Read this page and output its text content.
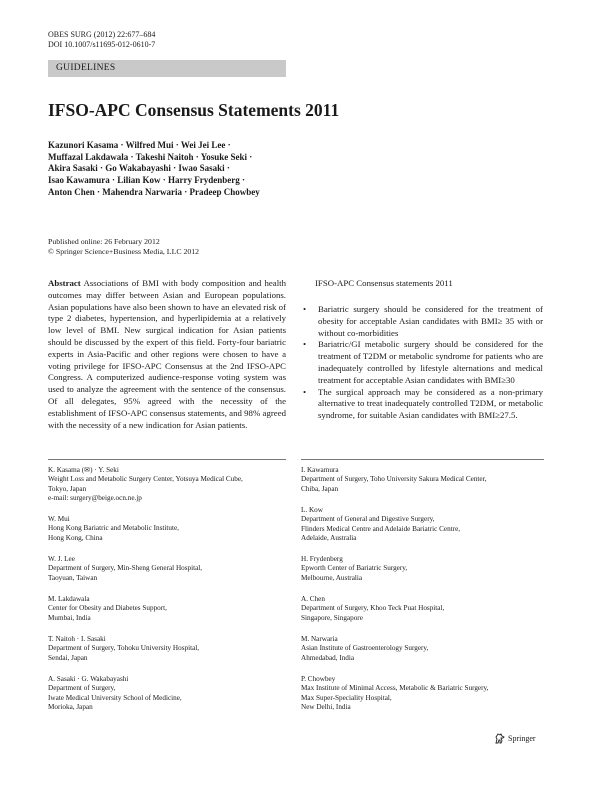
OBES SURG (2012) 22:677–684
DOI 10.1007/s11695-012-0610-7
GUIDELINES
IFSO-APC Consensus Statements 2011
Kazunori Kasama · Wilfred Mui · Wei Jei Lee ·
Muffazal Lakdawala · Takeshi Naitoh · Yosuke Seki ·
Akira Sasaki · Go Wakabayashi · Iwao Sasaki ·
Isao Kawamura · Lilian Kow · Harry Frydenberg ·
Anton Chen · Mahendra Narwaria · Pradeep Chowbey
Published online: 26 February 2012
© Springer Science+Business Media, LLC 2012
Abstract Associations of BMI with body composition and health outcomes may differ between Asian and European populations. Asian populations have also been shown to have an elevated risk of type 2 diabetes, hypertension, and hyperlipidemia at a relatively low level of BMI. New surgical indication for Asian patients should be discussed by the expert of this field. Forty-four bariatric experts in Asia-Pacific and other regions were chosen to have a voting privilege for IFSO-APC Consensus at the 2nd IFSO-APC Congress. A computerized audience-response voting system was used to analyze the agreement with the sentence of the consensus. Of all delegates, 95% agreed with the necessity of the establishment of IFSO-APC consensus statements, and 98% agreed with the necessity of a new indication for Asian patients.
IFSO-APC Consensus statements 2011

• Bariatric surgery should be considered for the treatment of obesity for acceptable Asian candidates with BMI≥ 35 with or without co-morbidities

• Bariatric/GI metabolic surgery should be considered for the treatment of T2DM or metabolic syndrome for patients who are inadequately controlled by lifestyle alternations and medical treatment for acceptable Asian candidates with BMI≥30

• The surgical approach may be considered as a non-primary alternative to treat inadequately controlled T2DM, or metabolic syndrome, for suitable Asian candidates with BMI≥27.5.

K. Kasama (✉) · Y. Seki
Weight Loss and Metabolic Surgery Center, Yotsuya Medical Cube,
Tokyo, Japan
e-mail: surgery@beige.ocn.ne.jp
W. Mui
Hong Kong Bariatric and Metabolic Institute,
Hong Kong, China
W. J. Lee
Department of Surgery, Min-Sheng General Hospital,
Taoyuan, Taiwan
M. Lakdawala
Center for Obesity and Diabetes Support,
Mumbai, India
T. Naitoh · I. Sasaki
Department of Surgery, Tohoku University Hospital,
Sendai, Japan
A. Sasaki · G. Wakabayashi
Department of Surgery,
Iwate Medical University School of Medicine,
Morioka, Japan
I. Kawamura
Department of Surgery, Toho University Sakura Medical Center,
Chiba, Japan
L. Kow
Department of General and Digestive Surgery,
Flinders Medical Centre and Adelaide Bariatric Centre,
Adelaide, Australia
H. Frydenberg
Epworth Center of Bariatric Surgery,
Melbourne, Australia
A. Chen
Department of Surgery, Khoo Teck Puat Hospital,
Singapore, Singapore
M. Narwaria
Asian Institute of Gastroenterology Surgery,
Ahmedabad, India
P. Chowbey
Max Institute of Minimal Access, Metabolic & Bariatric Surgery,
Max Super-Speciality Hospital,
New Delhi, India
Springer
